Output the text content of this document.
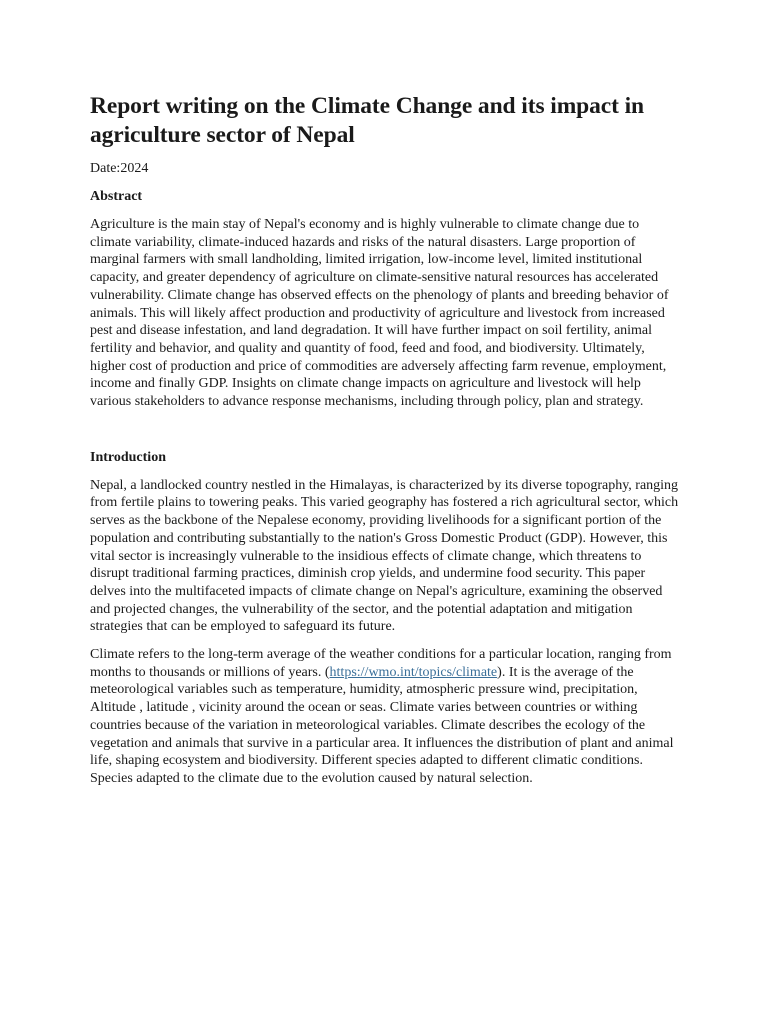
Report writing on the Climate Change and its impact in agriculture sector of Nepal

Date:2024

Abstract

Agriculture is the main stay of Nepal's economy and is highly vulnerable to climate change due to climate variability, climate-induced hazards and risks of the natural disasters. Large proportion of marginal farmers with small landholding, limited irrigation, low-income level, limited institutional capacity, and greater dependency of agriculture on climate-sensitive natural resources has accelerated vulnerability. Climate change has observed effects on the phenology of plants and breeding behavior of animals. This will likely affect production and productivity of agriculture and livestock from increased pest and disease infestation, and land degradation. It will have further impact on soil fertility, animal fertility and behavior, and quality and quantity of food, feed and food, and biodiversity. Ultimately, higher cost of production and price of commodities are adversely affecting farm revenue, employment, income and finally GDP. Insights on climate change impacts on agriculture and livestock will help various stakeholders to advance response mechanisms, including through policy, plan and strategy.

Introduction

Nepal, a landlocked country nestled in the Himalayas, is characterized by its diverse topography, ranging from fertile plains to towering peaks. This varied geography has fostered a rich agricultural sector, which serves as the backbone of the Nepalese economy, providing livelihoods for a significant portion of the population and contributing substantially to the nation's Gross Domestic Product (GDP). However, this vital sector is increasingly vulnerable to the insidious effects of climate change, which threatens to disrupt traditional farming practices, diminish crop yields, and undermine food security. This paper delves into the multifaceted impacts of climate change on Nepal's agriculture, examining the observed and projected changes, the vulnerability of the sector, and the potential adaptation and mitigation strategies that can be employed to safeguard its future.

Climate refers to the long-term average of the weather conditions for a particular location, ranging from months to thousands or millions of years. (https://wmo.int/topics/climate). It is the average of the meteorological variables such as temperature, humidity, atmospheric pressure wind, precipitation, Altitude , latitude , vicinity around the ocean or seas. Climate varies between countries or withing countries because of the variation in meteorological variables. Climate describes the ecology of the vegetation and animals that survive in a particular area. It influences the distribution of plant and animal life, shaping ecosystem and biodiversity. Different species adapted to different climatic conditions. Species adapted to the climate due to the evolution caused by natural selection.
